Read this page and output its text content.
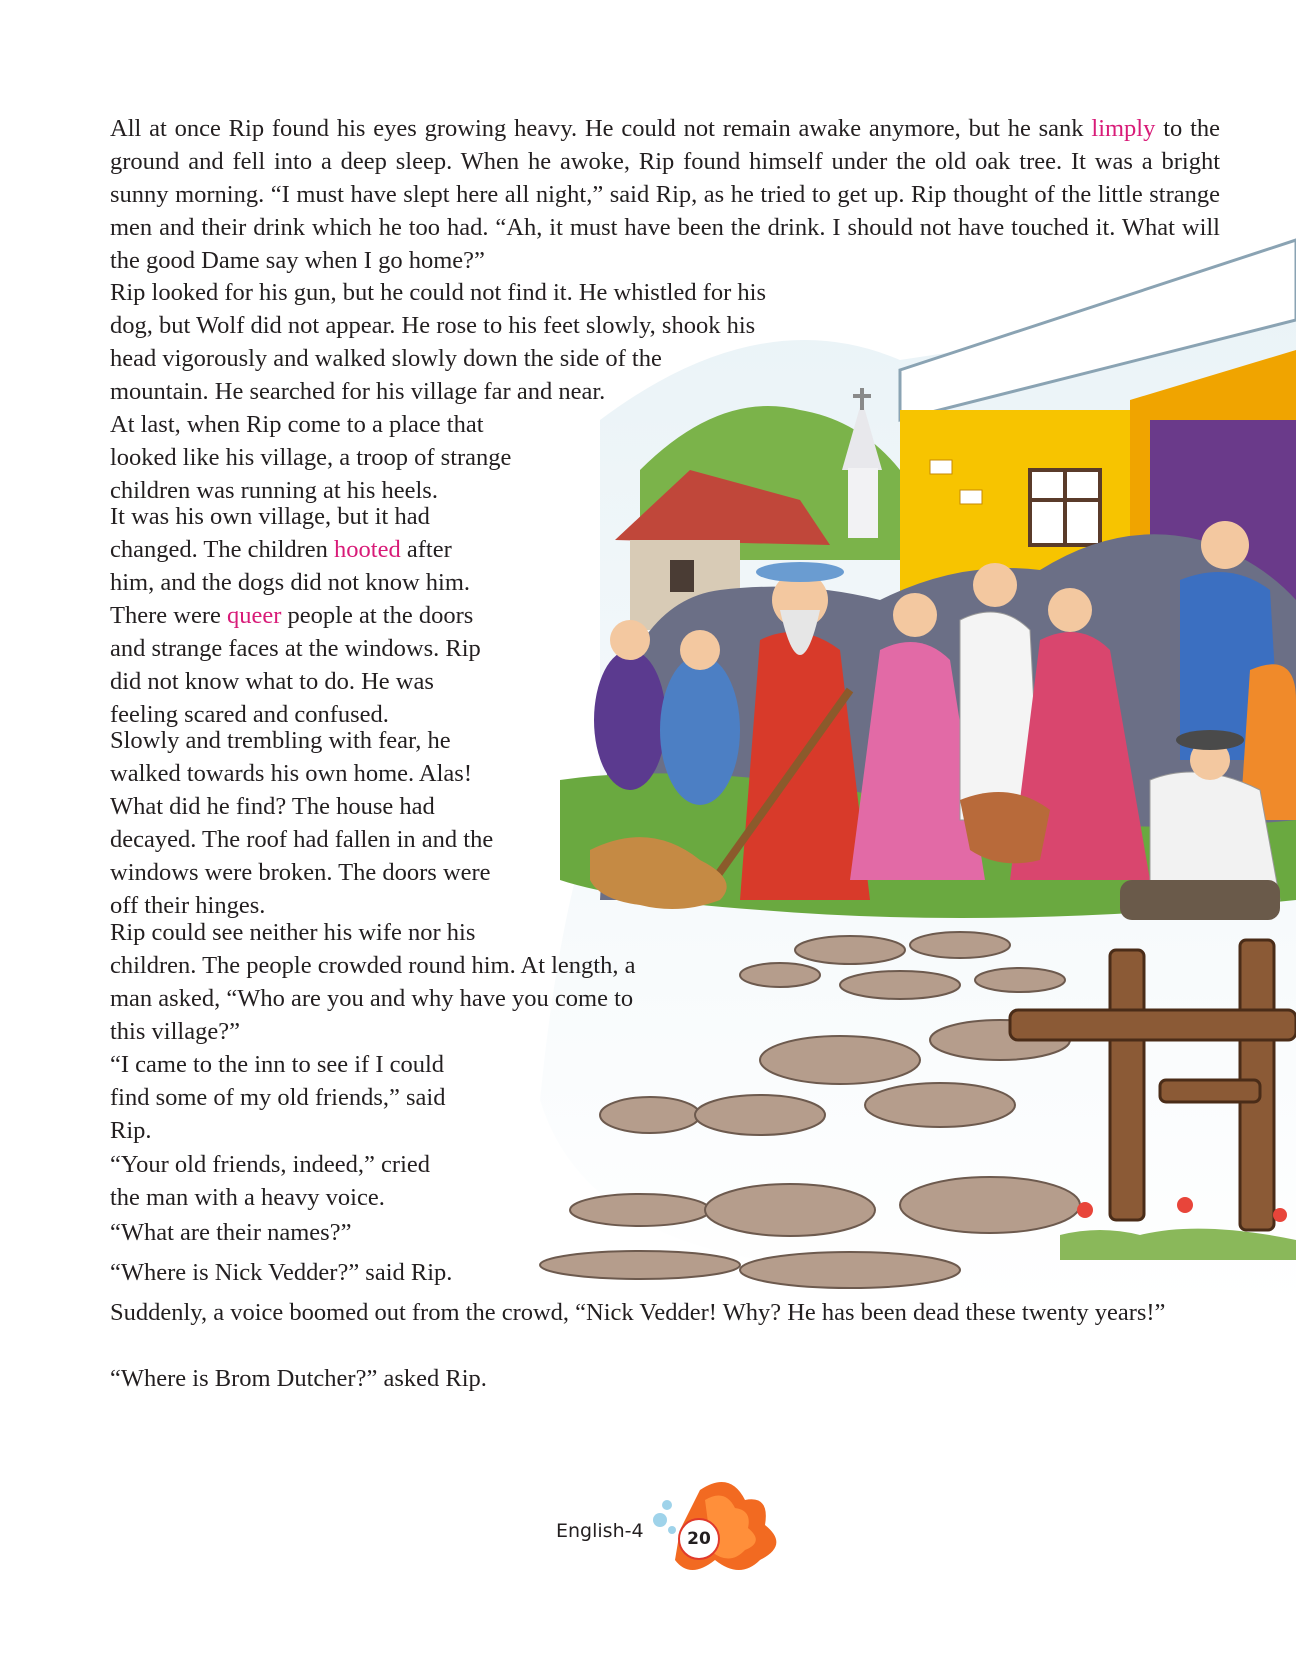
All at once Rip found his eyes growing heavy. He could not remain awake anymore, but he sank limply to the ground and fell into a deep sleep. When he awoke, Rip found himself under the old oak tree. It was a bright sunny morning. “I must have slept here all night,” said Rip, as he tried to get up. Rip thought of the little strange men and their drink which he too had. “Ah, it must have been the drink. I should not have touched it. What will the good Dame say when I go home?”

Rip looked for his gun, but he could not find it. He whistled for his
dog, but Wolf did not appear. He rose to his feet slowly, shook his
head vigorously and walked slowly down the side of the
mountain. He searched for his village far and near.
At last, when Rip come to a place that
looked like his village, a troop of strange
children was running at his heels.

It was his own village, but it had
changed. The children hooted after
him, and the dogs did not know him.
There were queer people at the doors
and strange faces at the windows. Rip
did not know what to do. He was
feeling scared and confused.

Slowly and trembling with fear, he
walked towards his own home. Alas!
What did he find? The house had
decayed. The roof had fallen in and the
windows were broken. The doors were
off their hinges.

Rip could see neither his wife nor his
children. The people crowded round him. At length, a
man asked, “Who are you and why have you come to
this village?”

“I came to the inn to see if I could
find some of my old friends,” said
Rip.

“Your old friends, indeed,” cried
the man with a heavy voice.

“What are their names?”

“Where is Nick Vedder?” said Rip.

Suddenly, a voice boomed out from the crowd, “Nick Vedder! Why? He has been dead these twenty years!”

“Where is Brom Dutcher?” asked Rip.

English-4	20
